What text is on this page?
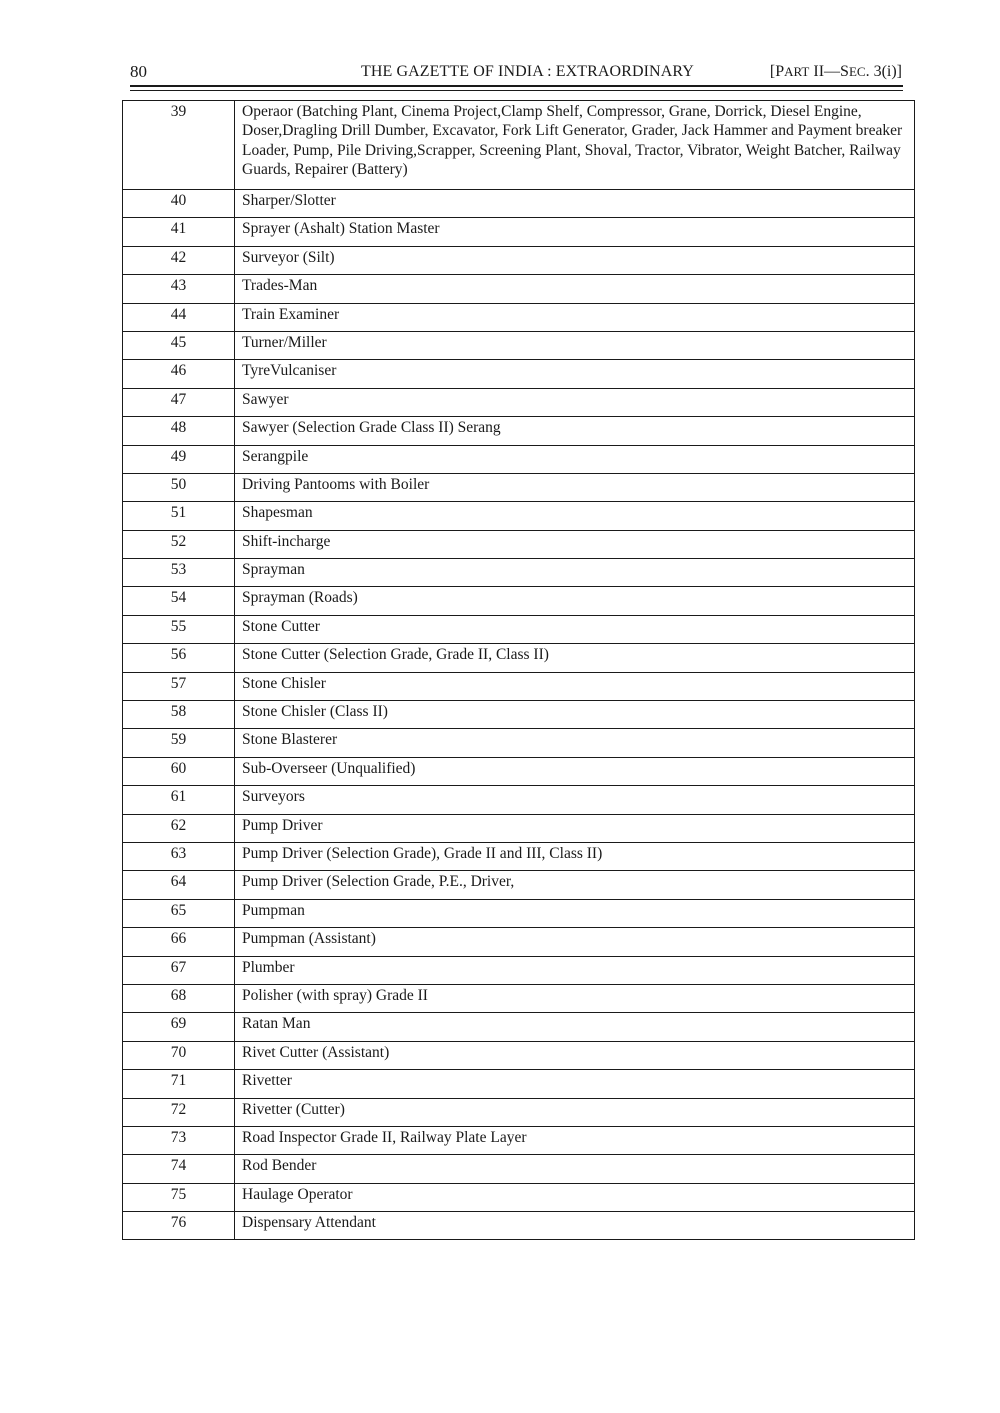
80	THE GAZETTE OF INDIA : EXTRAORDINARY	[PART II—SEC. 3(i)]
39	Operaor (Batching Plant, Cinema Project,Clamp Shelf, Compressor, Grane, Dorrick, Diesel Engine, Doser,Dragling Drill Dumber, Excavator, Fork Lift Generator, Grader, Jack Hammer and Payment breaker Loader, Pump, Pile Driving,Scrapper, Screening Plant, Shoval, Tractor, Vibrator, Weight Batcher, Railway Guards, Repairer (Battery)
40	Sharper/Slotter
41	Sprayer (Ashalt) Station Master
42	Surveyor (Silt)
43	Trades-Man
44	Train Examiner
45	Turner/Miller
46	TyreVulcaniser
47	Sawyer
48	Sawyer (Selection Grade Class II) Serang
49	Serangpile
50	Driving Pantooms with Boiler
51	Shapesman
52	Shift-incharge
53	Sprayman
54	Sprayman (Roads)
55	Stone Cutter
56	Stone Cutter (Selection Grade, Grade II, Class II)
57	Stone Chisler
58	Stone Chisler (Class II)
59	Stone Blasterer
60	Sub-Overseer (Unqualified)
61	Surveyors
62	Pump Driver
63	Pump Driver (Selection Grade), Grade II and III, Class II)
64	Pump Driver (Selection Grade, P.E., Driver,
65	Pumpman
66	Pumpman (Assistant)
67	Plumber
68	Polisher (with spray) Grade II
69	Ratan Man
70	Rivet Cutter (Assistant)
71	Rivetter
72	Rivetter (Cutter)
73	Road Inspector Grade II, Railway Plate Layer
74	Rod Bender
75	Haulage Operator
76	Dispensary Attendant
